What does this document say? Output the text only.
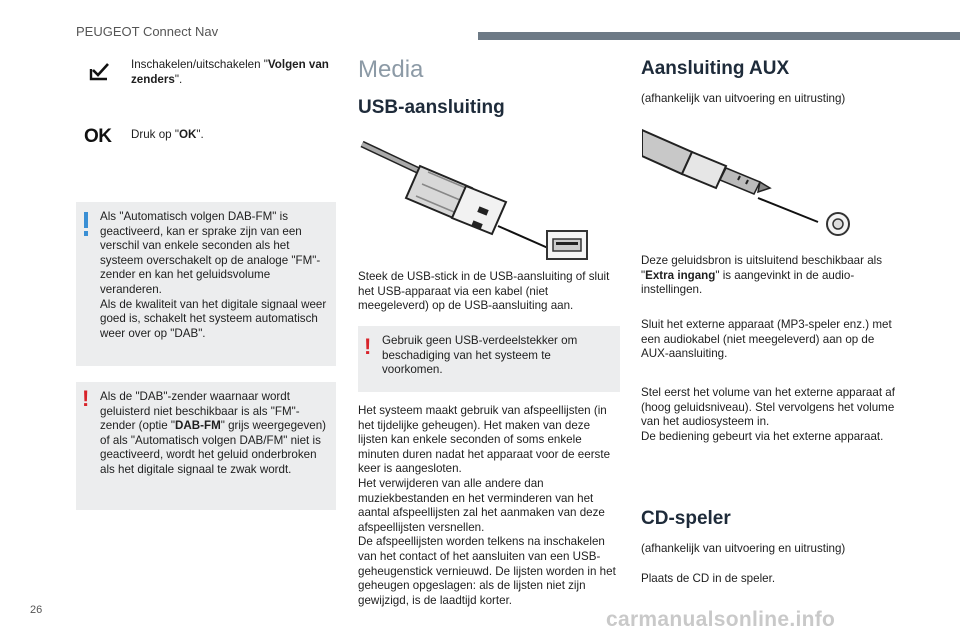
PEUGEOT Connect Nav
Inschakelen/uitschakelen "Volgen van zenders".
OK Druk op "OK".
Als "Automatisch volgen DAB-FM" is geactiveerd, kan er sprake zijn van een verschil van enkele seconden als het systeem overschakelt op de analoge "FM"-zender en kan het geluidsvolume veranderen.
Als de kwaliteit van het digitale signaal weer goed is, schakelt het systeem automatisch weer over op "DAB".
! Als de "DAB"-zender waarnaar wordt geluisterd niet beschikbaar is als "FM"-zender (optie "DAB-FM" grijs weergegeven) of als "Automatisch volgen DAB/FM" niet is geactiveerd, wordt het geluid onderbroken als het digitale signaal te zwak wordt.
Media
USB-aansluiting
Steek de USB-stick in de USB-aansluiting of sluit het USB-apparaat via een kabel (niet meegeleverd) op de USB-aansluiting aan.
! Gebruik geen USB-verdeelstekker om beschadiging van het systeem te voorkomen.
Het systeem maakt gebruik van afspeellijsten (in het tijdelijke geheugen). Het maken van deze lijsten kan enkele seconden of soms enkele minuten duren nadat het apparaat voor de eerste keer is aangesloten.
Het verwijderen van alle andere dan muziekbestanden en het verminderen van het aantal afspeellijsten zal het aanmaken van deze afspeellijsten versnellen.
De afspeellijsten worden telkens na inschakelen van het contact of het aansluiten van een USB-geheugenstick vernieuwd. De lijsten worden in het geheugen opgeslagen: als de lijsten niet zijn gewijzigd, is de laadtijd korter.
Aansluiting AUX
(afhankelijk van uitvoering en uitrusting)
Deze geluidsbron is uitsluitend beschikbaar als "Extra ingang" is aangevinkt in de audio-instellingen.
Sluit het externe apparaat (MP3-speler enz.) met een audiokabel (niet meegeleverd) aan op de AUX-aansluiting.
Stel eerst het volume van het externe apparaat af (hoog geluidsniveau). Stel vervolgens het volume van het audiosysteem in.
De bediening gebeurt via het externe apparaat.
CD-speler
(afhankelijk van uitvoering en uitrusting)
Plaats de CD in de speler.
26	carmanualsonline.info
